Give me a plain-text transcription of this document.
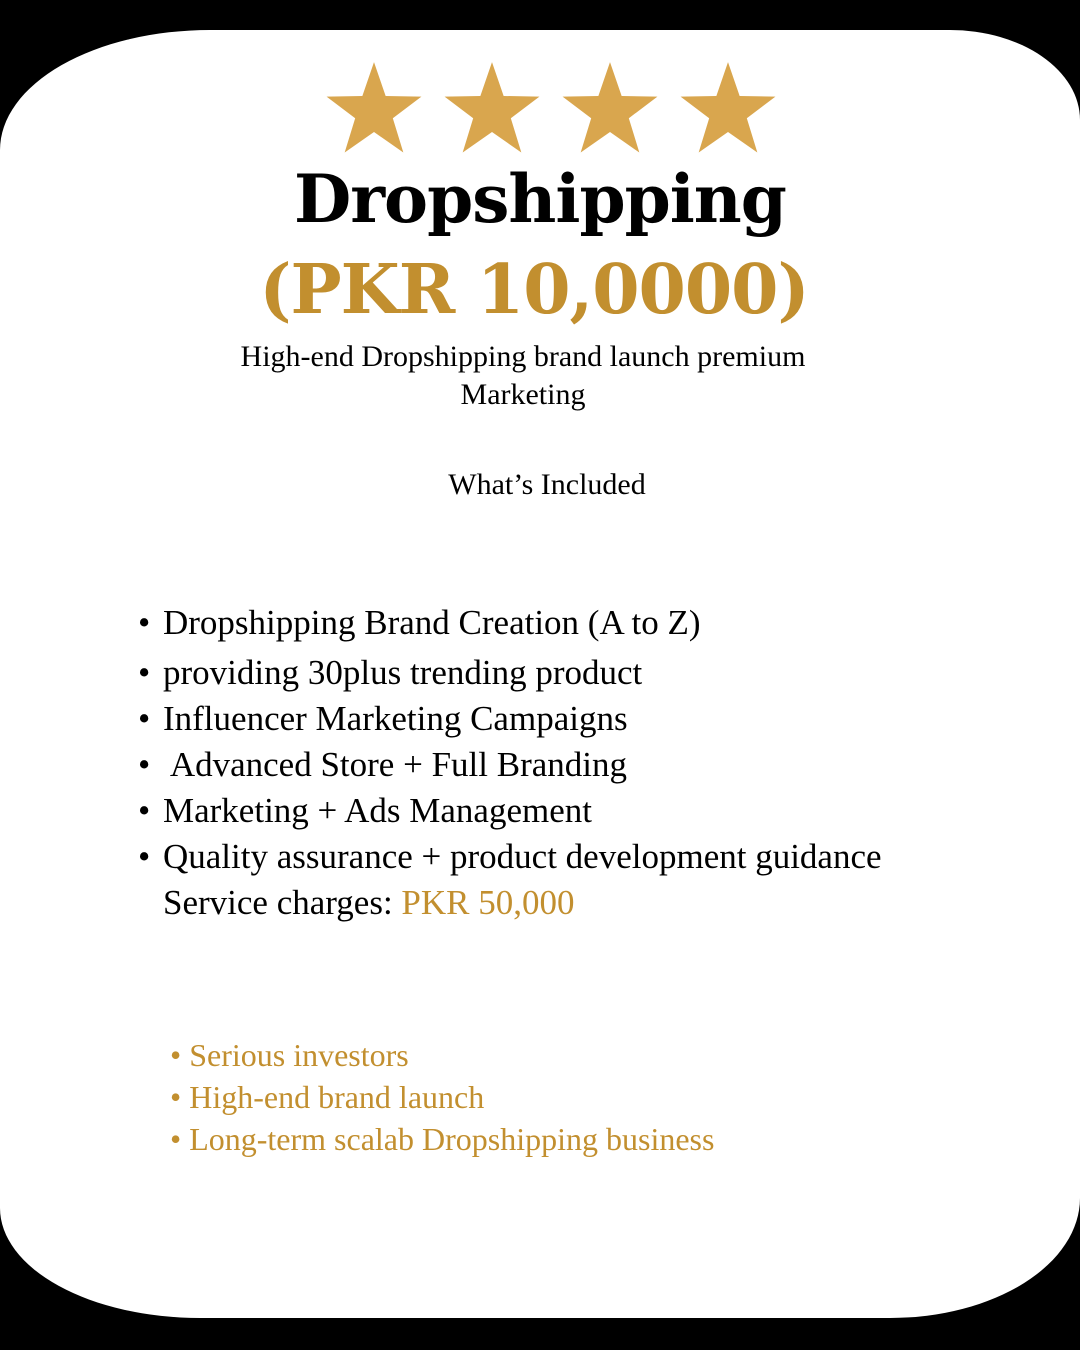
Dropshipping
(PKR 10,0000)
High-end Dropshipping brand launch premium Marketing
What’s Included
• Dropshipping Brand Creation (A to Z)
• providing 30plus trending product
• Influencer Marketing Campaigns
• Advanced Store + Full Branding
• Marketing + Ads Management
• Quality assurance + product development guidance
Service charges: PKR 50,000
• Serious investors
• High-end brand launch
• Long-term scalab Dropshipping business
